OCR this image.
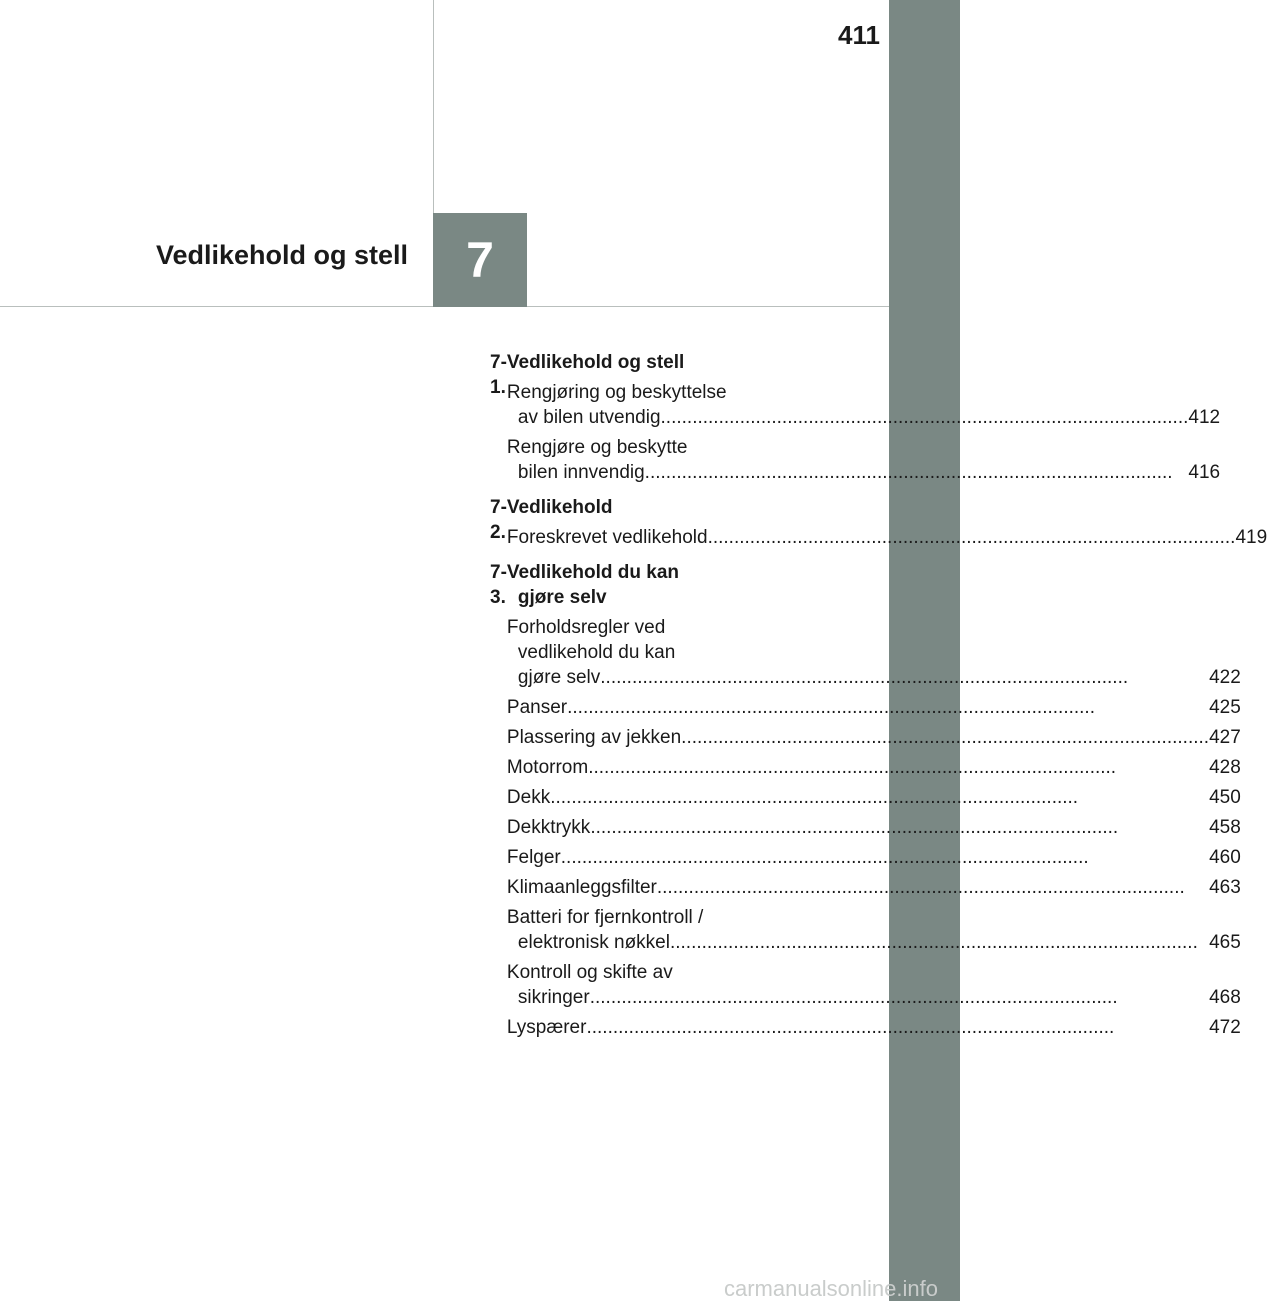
411
7
Vedlikehold og stell
7-1.
Vedlikehold og stell
Rengjøring og beskyttelse
av bilen utvendig .....	412
Rengjøre og beskytte
bilen innvendig .....	416
7-2.
Vedlikehold
Foreskrevet vedlikehold .....	419
7-3.
Vedlikehold du kan
gjøre selv
Forholdsregler ved
vedlikehold du kan
gjøre selv .....	422
Panser .....	425
Plassering av jekken .....	427
Motorrom .....	428
Dekk .....	450
Dekktrykk .....	458
Felger .....	460
Klimaanleggsfilter .....	463
Batteri for fjernkontroll /
elektronisk nøkkel .....	465
Kontroll og skifte av
sikringer .....	468
Lyspærer .....	472
carmanualsonline.info
